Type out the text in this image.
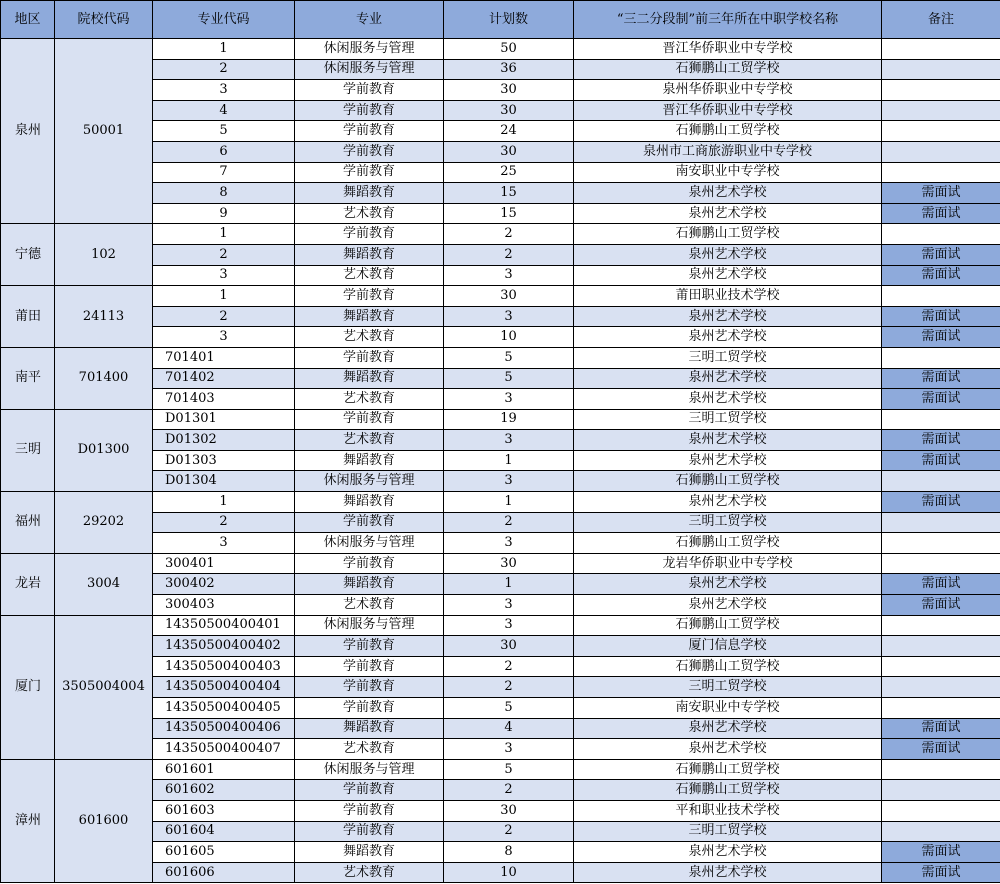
地区	院校代码	专业代码	专业	计划数	“三二分段制”前三年所在中职学校名称	备注
泉州	50001	1	休闲服务与管理	50	晋江华侨职业中专学校	
		2	休闲服务与管理	36	石狮鹏山工贸学校	
		3	学前教育	30	泉州华侨职业中专学校	
		4	学前教育	30	晋江华侨职业中专学校	
		5	学前教育	24	石狮鹏山工贸学校	
		6	学前教育	30	泉州市工商旅游职业中专学校	
		7	学前教育	25	南安职业中专学校	
		8	舞蹈教育	15	泉州艺术学校	需面试
		9	艺术教育	15	泉州艺术学校	需面试
宁德	102	1	学前教育	2	石狮鹏山工贸学校	
		2	舞蹈教育	2	泉州艺术学校	需面试
		3	艺术教育	3	泉州艺术学校	需面试
莆田	24113	1	学前教育	30	莆田职业技术学校	
		2	舞蹈教育	3	泉州艺术学校	需面试
		3	艺术教育	10	泉州艺术学校	需面试
南平	701400	701401	学前教育	5	三明工贸学校	
		701402	舞蹈教育	5	泉州艺术学校	需面试
		701403	艺术教育	3	泉州艺术学校	需面试
三明	D01300	D01301	学前教育	19	三明工贸学校	
		D01302	艺术教育	3	泉州艺术学校	需面试
		D01303	舞蹈教育	1	泉州艺术学校	需面试
		D01304	休闲服务与管理	3	石狮鹏山工贸学校	
福州	29202	1	舞蹈教育	1	泉州艺术学校	需面试
		2	学前教育	2	三明工贸学校	
		3	休闲服务与管理	3	石狮鹏山工贸学校	
龙岩	3004	300401	学前教育	30	龙岩华侨职业中专学校	
		300402	舞蹈教育	1	泉州艺术学校	需面试
		300403	艺术教育	3	泉州艺术学校	需面试
厦门	3505004004	14350500400401	休闲服务与管理	3	石狮鹏山工贸学校	
		14350500400402	学前教育	30	厦门信息学校	
		14350500400403	学前教育	2	石狮鹏山工贸学校	
		14350500400404	学前教育	2	三明工贸学校	
		14350500400405	学前教育	5	南安职业中专学校	
		14350500400406	舞蹈教育	4	泉州艺术学校	需面试
		14350500400407	艺术教育	3	泉州艺术学校	需面试
漳州	601600	601601	休闲服务与管理	5	石狮鹏山工贸学校	
		601602	学前教育	2	石狮鹏山工贸学校	
		601603	学前教育	30	平和职业技术学校	
		601604	学前教育	2	三明工贸学校	
		601605	舞蹈教育	8	泉州艺术学校	需面试
		601606	艺术教育	10	泉州艺术学校	需面试
